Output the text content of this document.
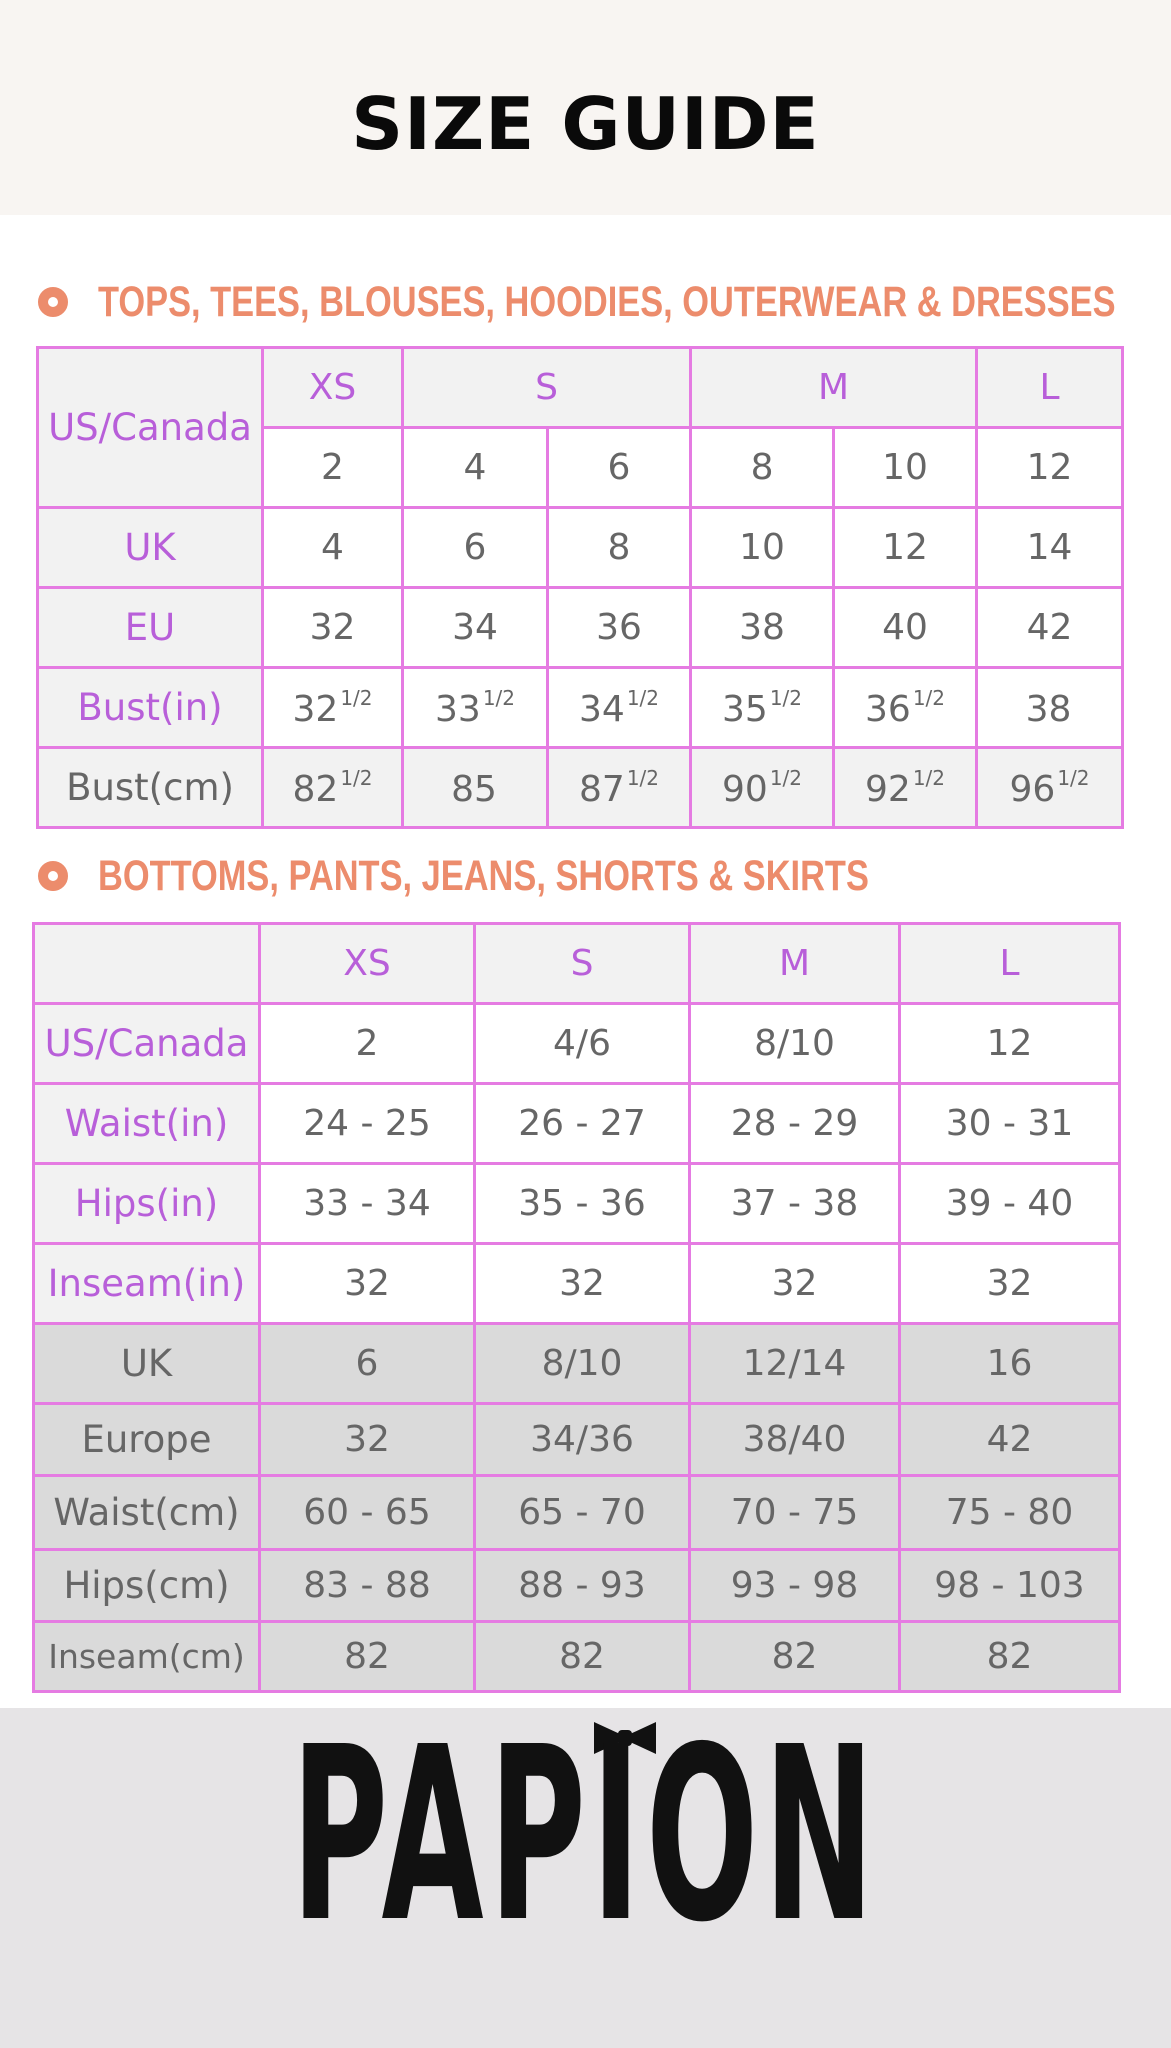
SIZE GUIDE
TOPS, TEES, BLOUSES, HOODIES, OUTERWEAR & DRESSES
US/Canada	XS	S		M		L
	2	4	6	8	10	12
UK	4	6	8	10	12	14
EU	32	34	36	38	40	42
Bust(in)	32 $^{1/2}$	33 $^{1/2}$	34 $^{1/2}$	35 $^{1/2}$	36 $^{1/2}$	38
Bust(cm)	82 $^{1/2}$	85	87 $^{1/2}$	90 $^{1/2}$	92 $^{1/2}$	96 $^{1/2}$
BOTTOMS, PANTS, JEANS, SHORTS & SKIRTS
	XS	S	M	L
US/Canada	2	4/6	8/10	12
Waist(in)	24 - 25	26 - 27	28 - 29	30 - 31
Hips(in)	33 - 34	35 - 36	37 - 38	39 - 40
Inseam(in)	32	32	32	32
UK	6	8/10	12/14	16
Europe	32	34/36	38/40	42
Waist(cm)	60 - 65	65 - 70	70 - 75	75 - 80
Hips(cm)	83 - 88	88 - 93	93 - 98	98 - 103
Inseam(cm)	82	82	82	82
PAPION
